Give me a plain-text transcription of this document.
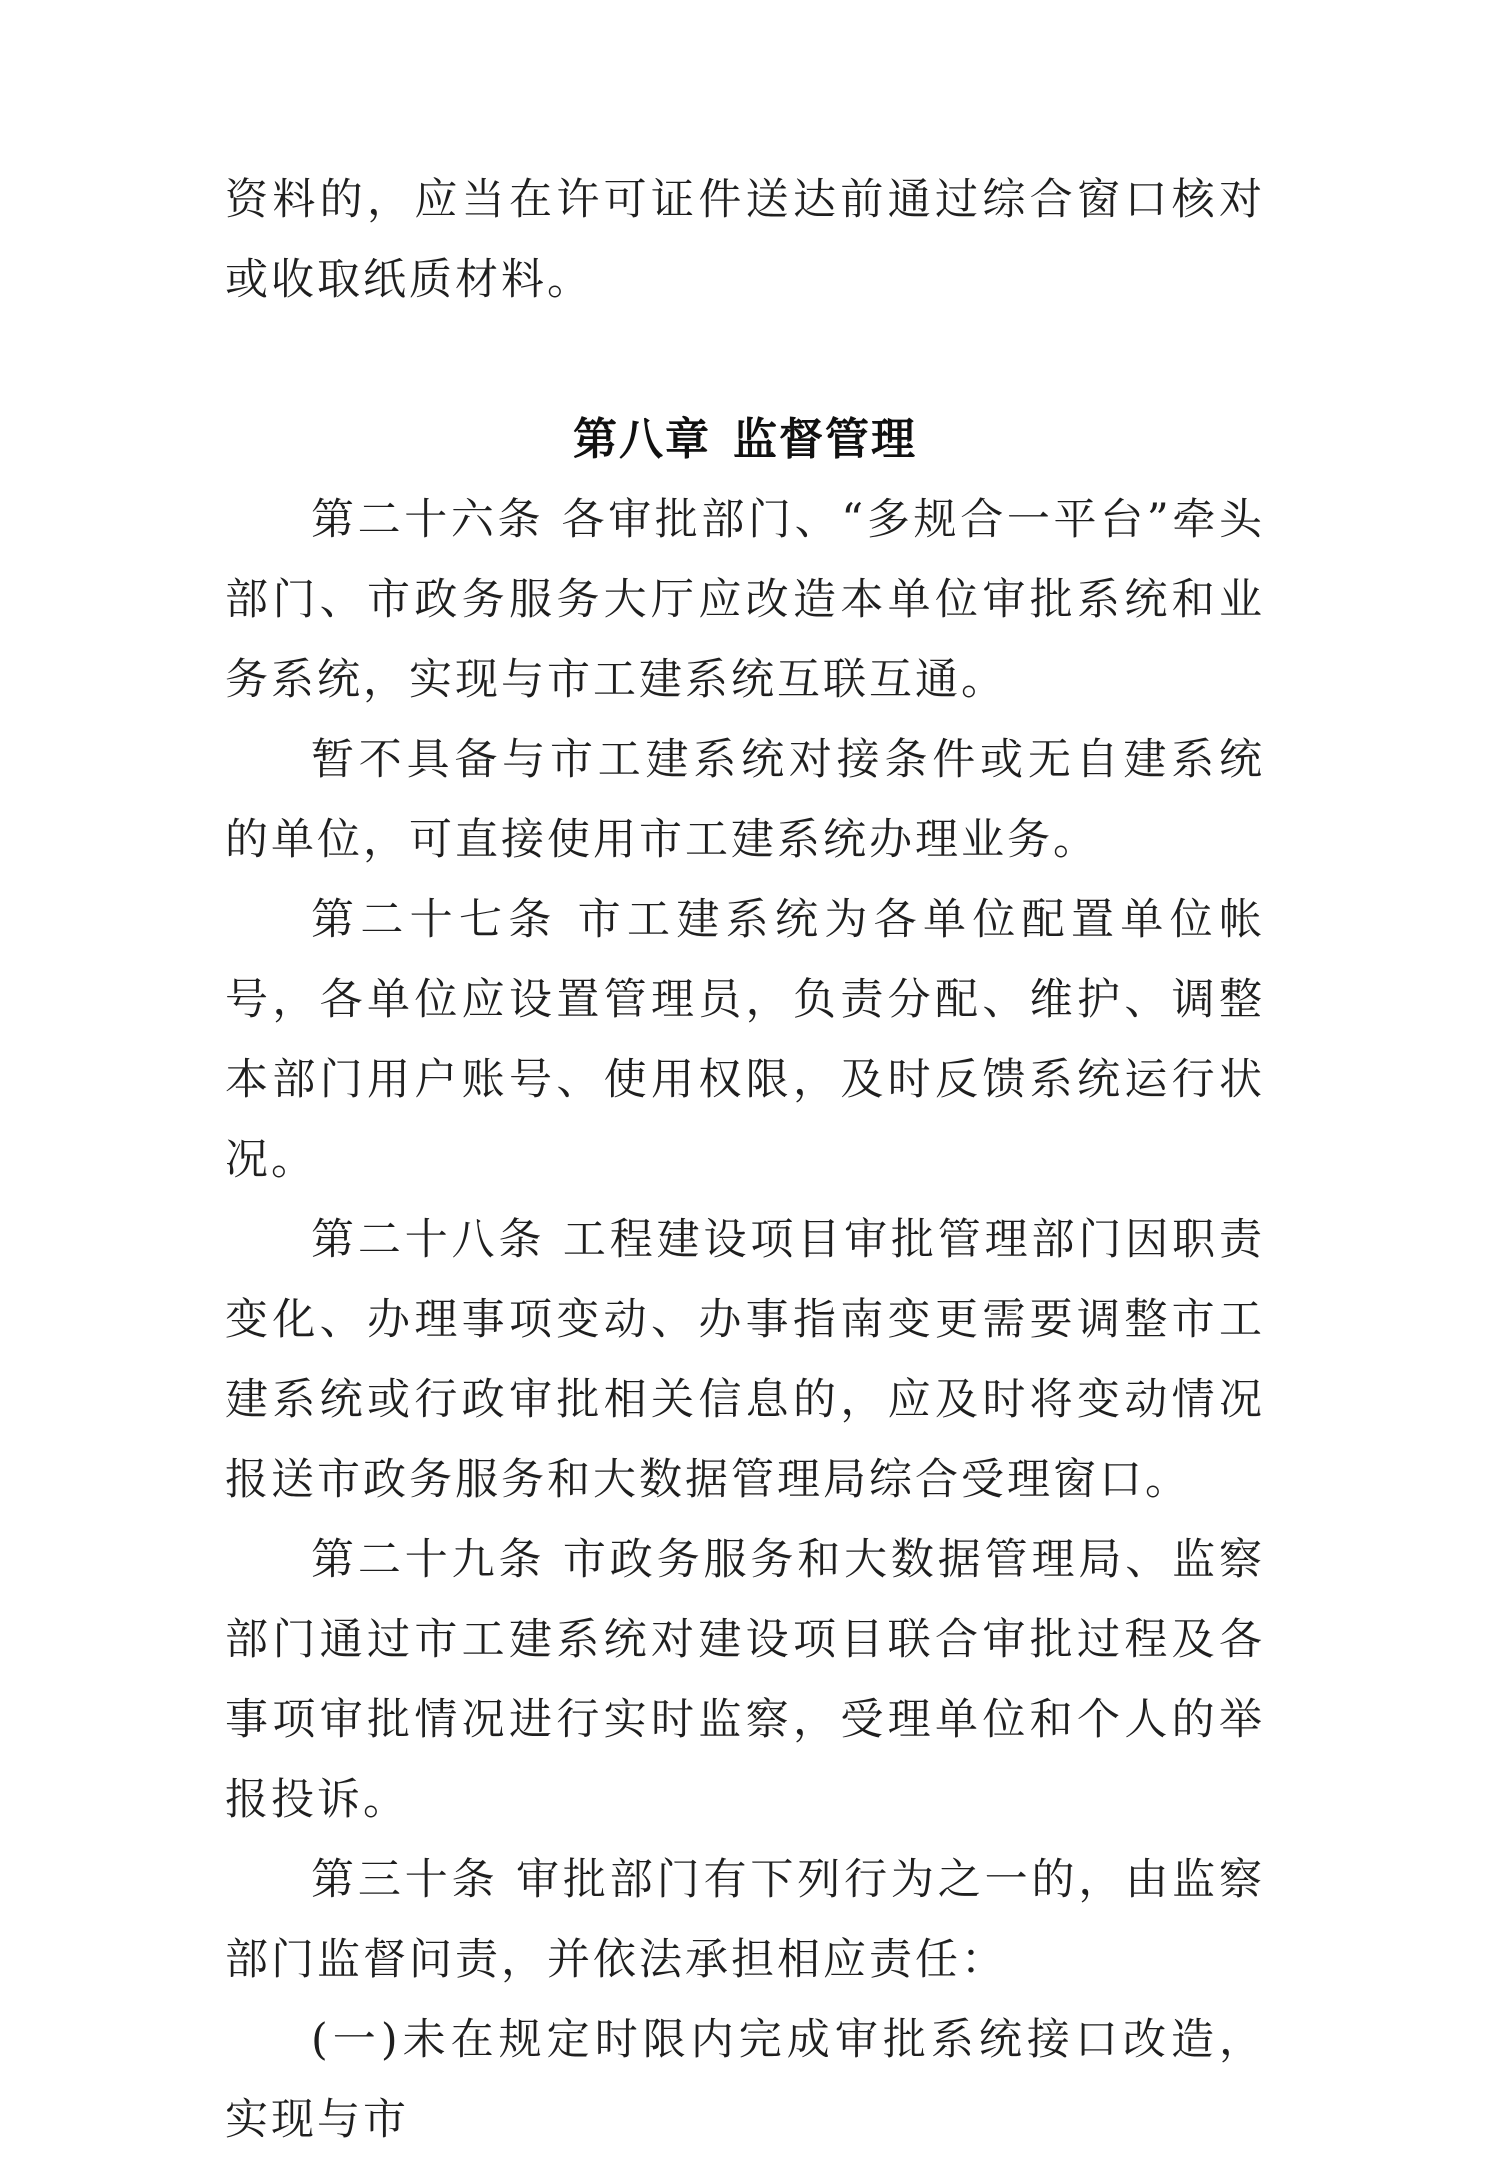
资料的，应当在许可证件送达前通过综合窗口核对或收取纸质材料。

第八章 监督管理

第二十六条 各审批部门、“多规合一平台”牵头部门、市政务服务大厅应改造本单位审批系统和业务系统，实现与市工建系统互联互通。

暂不具备与市工建系统对接条件或无自建系统的单位，可直接使用市工建系统办理业务。

第二十七条 市工建系统为各单位配置单位帐号，各单位应设置管理员，负责分配、维护、调整本部门用户账号、使用权限，及时反馈系统运行状况。

第二十八条 工程建设项目审批管理部门因职责变化、办理事项变动、办事指南变更需要调整市工建系统或行政审批相关信息的，应及时将变动情况报送市政务服务和大数据管理局综合受理窗口。

第二十九条 市政务服务和大数据管理局、监察部门通过市工建系统对建设项目联合审批过程及各事项审批情况进行实时监察，受理单位和个人的举报投诉。

第三十条 审批部门有下列行为之一的，由监察部门监督问责，并依法承担相应责任：

(一)未在规定时限内完成审批系统接口改造，实现与市
